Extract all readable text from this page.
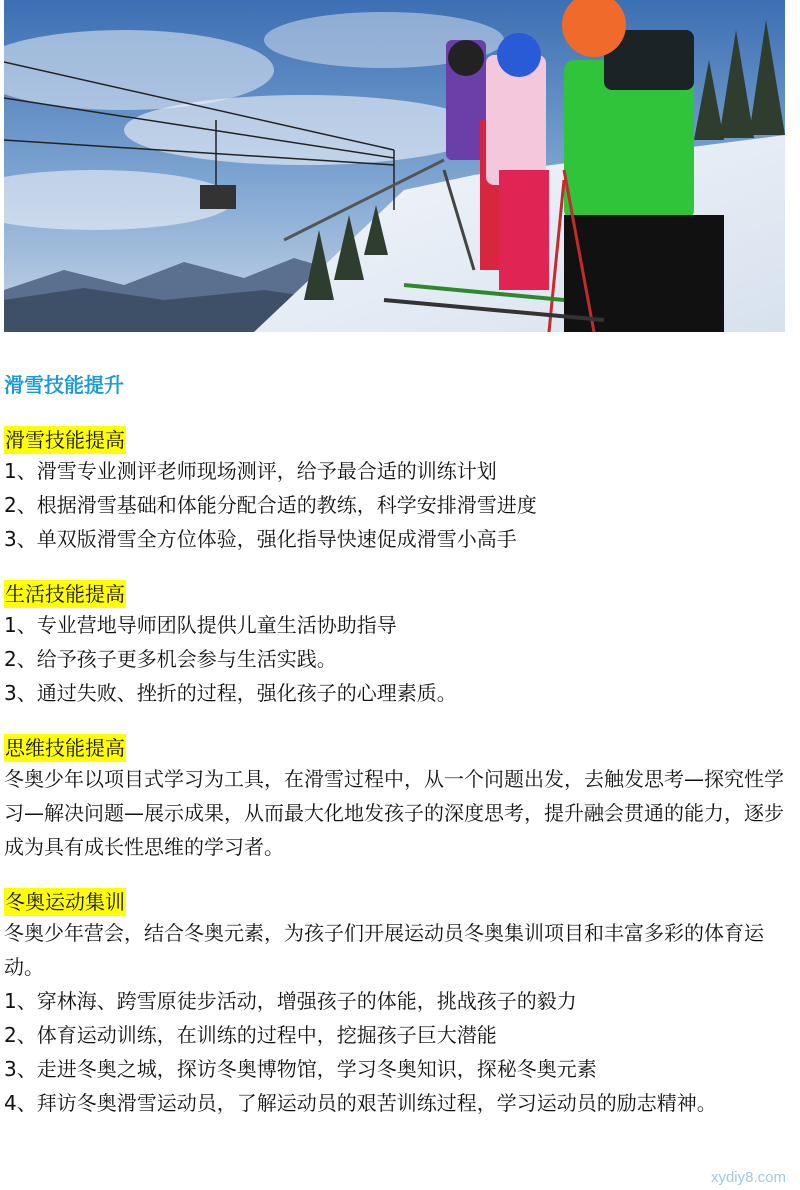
滑雪技能提升
滑雪技能提高

1、滑雪专业测评老师现场测评，给予最合适的训练计划

2、根据滑雪基础和体能分配合适的教练，科学安排滑雪进度

3、单双版滑雪全方位体验，强化指导快速促成滑雪小高手

生活技能提高

1、专业营地导师团队提供儿童生活协助指导

2、给予孩子更多机会参与生活实践。

3、通过失败、挫折的过程，强化孩子的心理素质。

思维技能提高

冬奥少年以项目式学习为工具，在滑雪过程中，从一个问题出发，去触发思考—探究性学习—解决问题—展示成果，从而最大化地发孩子的深度思考，提升融会贯通的能力，逐步成为具有成长性思维的学习者。

冬奥运动集训

冬奥少年营会，结合冬奥元素，为孩子们开展运动员冬奥集训项目和丰富多彩的体育运动。

1、穿林海、跨雪原徒步活动，增强孩子的体能，挑战孩子的毅力

2、体育运动训练，在训练的过程中，挖掘孩子巨大潜能

3、走进冬奥之城，探访冬奥博物馆，学习冬奥知识，探秘冬奥元素

4、拜访冬奥滑雪运动员，了解运动员的艰苦训练过程，学习运动员的励志精神。

xydiy8.com
